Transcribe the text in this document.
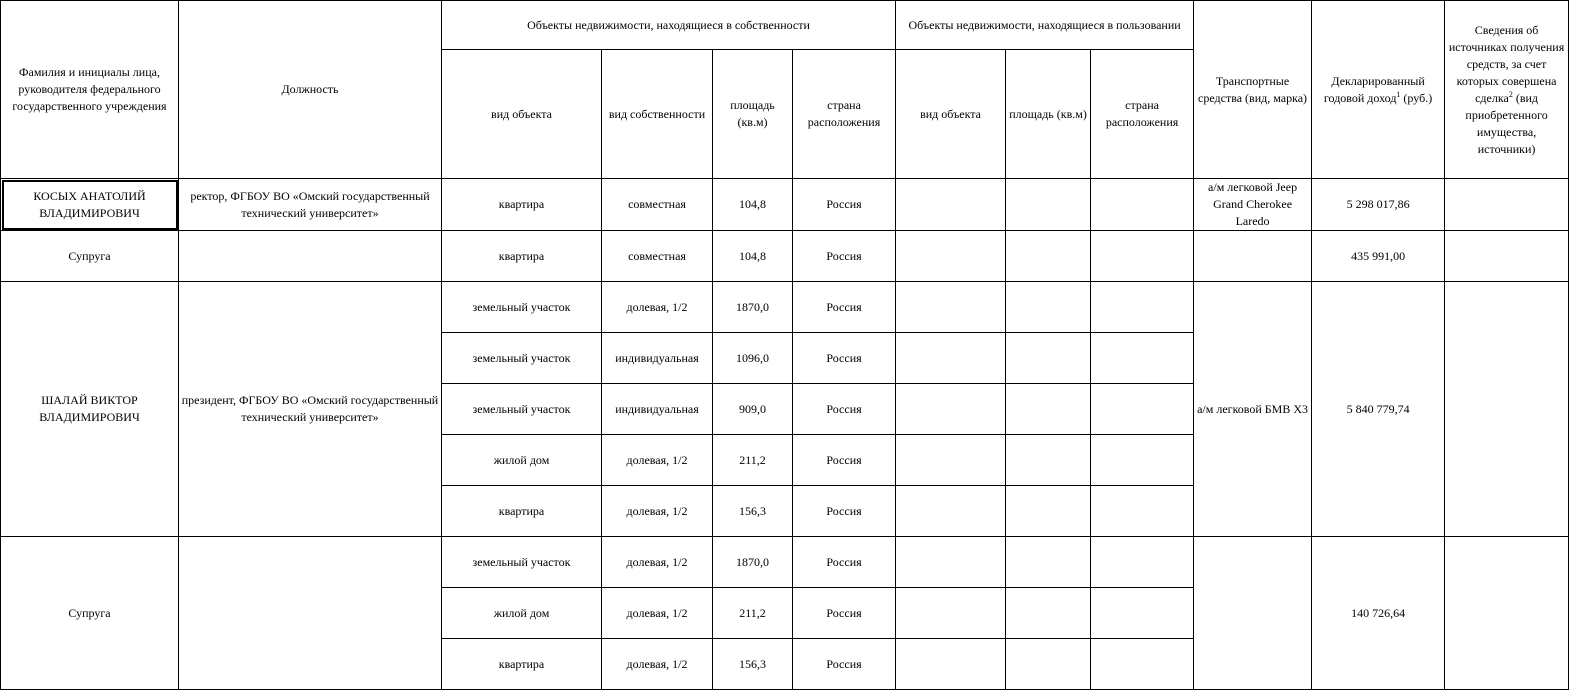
Фамилия и инициалы лица, руководителя федерального государственного учреждения	Должность	Объекты недвижимости, находящиеся в собственности				Объекты недвижимости, находящиеся в пользовании			Транспортные средства (вид, марка)	Декларированный годовой доход$^1$ (руб.)	Сведения об источниках получения средств, за счет которых совершена сделка$^2$ (вид приобретенного имущества, источники)
		вид объекта	вид собственности	площадь (кв.м)	страна расположения	вид объекта	площадь (кв.м)	страна расположения			
КОСЫХ АНАТОЛИЙ ВЛАДИМИРОВИЧ	ректор, ФГБОУ ВО «Омский государственный технический университет»	квартира	совместная	104,8	Россия				а/м легковой Jeep Grand Cherokee Laredo	5 298 017,86	
Супруга		квартира	совместная	104,8	Россия					435 991,00	
ШАЛАЙ ВИКТОР ВЛАДИМИРОВИЧ	президент, ФГБОУ ВО «Омский государственный технический университет»	земельный участок	долевая, 1/2	1870,0	Россия				а/м легковой БМВ Х3	5 840 779,74	
		земельный участок	индивидуальная	1096,0	Россия						
		земельный участок	индивидуальная	909,0	Россия						
		жилой дом	долевая, 1/2	211,2	Россия						
		квартира	долевая, 1/2	156,3	Россия						
Супруга		земельный участок	долевая, 1/2	1870,0	Россия					140 726,64	
		жилой дом	долевая, 1/2	211,2	Россия						
		квартира	долевая, 1/2	156,3	Россия						
